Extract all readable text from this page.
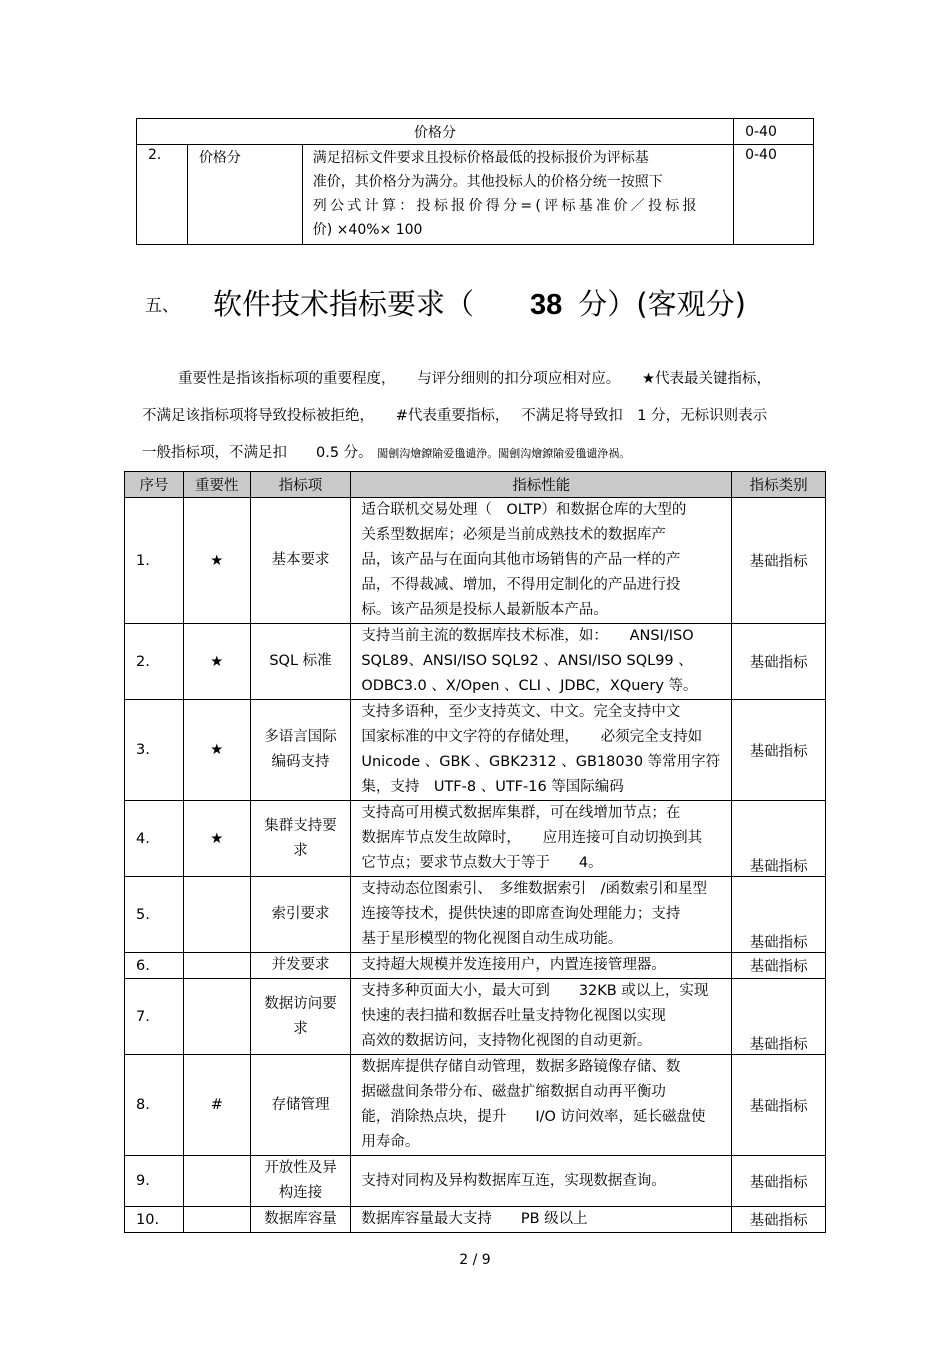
价格分			0-40
2.	价格分	满足招标文件要求且投标价格最低的投标报价为评标基
准价，其价格分为满分。其他投标人的价格分统一按照下
列公式计算：投标报价得分=(评标基准价／投标报
价) ×40%× 100	0-40
五、 软件技术指标要求（ 38 分）(客观分)
重要性是指该指标项的重要程度，　　与评分细则的扣分项应相对应。　　★代表最关键指标，
不满足该指标项将导致投标被拒绝，　　#代表重要指标，　 不满足将导致扣　1 分，无标识则表示
一般指标项，不满足扣　　0.5 分。 闖劊沟燴鐐隃爱氇谴浄。闖劊沟燴鐐隃爱氇谴浄祸。
序号	重要性	指标项	指标性能	指标类别
1.	★	基本要求	适合联机交易处理（　OLTP）和数据仓库的大型的
关系型数据库；必须是当前成熟技术的数据库产
品，该产品与在面向其他市场销售的产品一样的产
品，不得裁减、增加，不得用定制化的产品进行投
标。该产品须是投标人最新版本产品。	基础指标
2.	★	SQL 标准	支持当前主流的数据库技术标准，如：　　ANSI/ISO
SQL89、ANSI/ISO SQL92 、ANSI/ISO SQL99 、
ODBC3.0 、X/Open 、CLI 、JDBC，XQuery 等。	基础指标
3.	★	多语言国际
编码支持	支持多语种，至少支持英文、中文。完全支持中文
国家标准的中文字符的存储处理，　　必须完全支持如
Unicode 、GBK 、GBK2312 、GB18030 等常用字符
集，支持　UTF-8 、UTF-16 等国际编码	基础指标
4.	★	集群支持要
求	支持高可用模式数据库集群，可在线增加节点；在
数据库节点发生故障时，　　应用连接可自动切换到其
它节点；要求节点数大于等于　　4。	基础指标
5.		索引要求	支持动态位图索引、　多维数据索引　/函数索引和星型
连接等技术，提供快速的即席查询处理能力；支持
基于星形模型的物化视图自动生成功能。	基础指标
6.		并发要求	支持超大规模并发连接用户，内置连接管理器。	基础指标
7.		数据访问要
求	支持多种页面大小，最大可到　　32KB 或以上，实现
快速的表扫描和数据吞吐量支持物化视图以实现
高效的数据访问，支持物化视图的自动更新。	基础指标
8.	#	存储管理	数据库提供存储自动管理，数据多路镜像存储、数
据磁盘间条带分布、磁盘扩缩数据自动再平衡功
能，消除热点块，提升　　I/O 访问效率，延长磁盘使
用寿命。	基础指标
9.		开放性及异
构连接	支持对同构及异构数据库互连，实现数据查询。	基础指标
10.		数据库容量	数据库容量最大支持　　PB 级以上	基础指标
2 / 9
